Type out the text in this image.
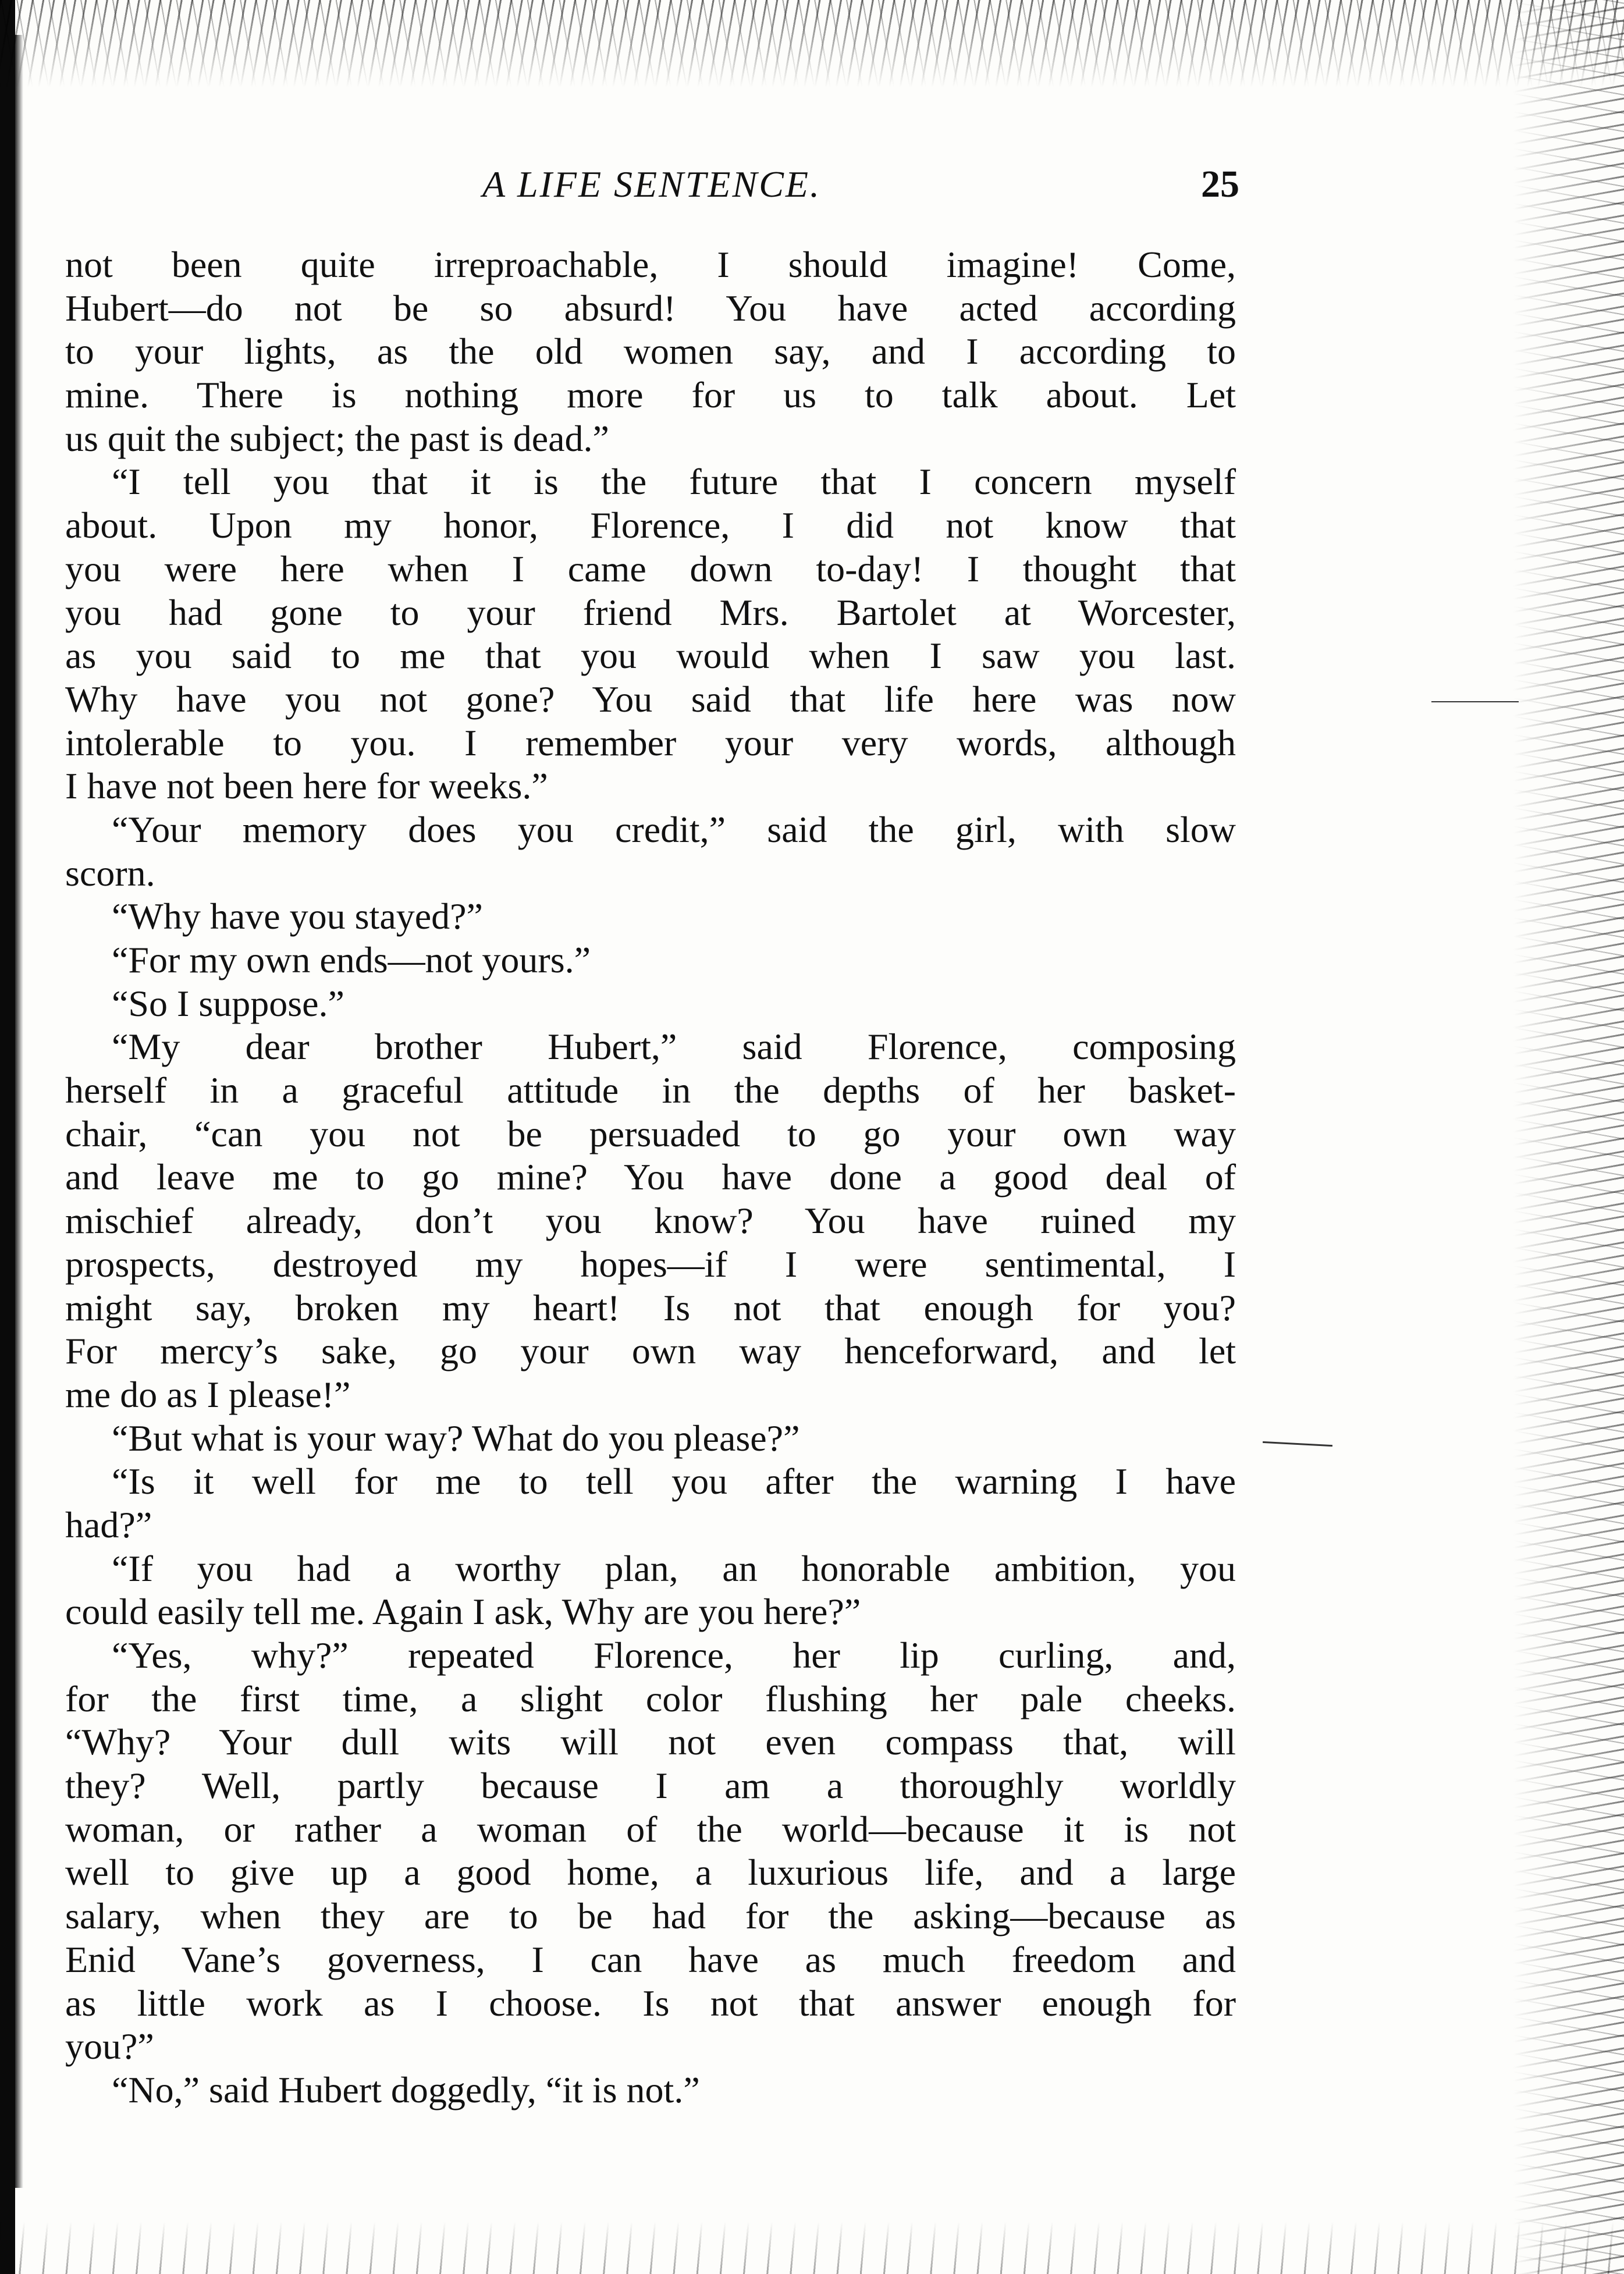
A LIFE SENTENCE.	25
not been quite irreproachable, I should imagine! Come,
Hubert—do not be so absurd! You have acted according
to your lights, as the old women say, and I according to
mine. There is nothing more for us to talk about. Let
us quit the subject; the past is dead.”
“I tell you that it is the future that I concern myself
about. Upon my honor, Florence, I did not know that
you were here when I came down to-day! I thought that
you had gone to your friend Mrs. Bartolet at Worcester,
as you said to me that you would when I saw you last.
Why have you not gone? You said that life here was now
intolerable to you. I remember your very words, although
I have not been here for weeks.”
“Your memory does you credit,” said the girl, with slow
scorn.
“Why have you stayed?”
“For my own ends—not yours.”
“So I suppose.”
“My dear brother Hubert,” said Florence, composing
herself in a graceful attitude in the depths of her basket-
chair, “can you not be persuaded to go your own way
and leave me to go mine? You have done a good deal of
mischief already, don’t you know? You have ruined my
prospects, destroyed my hopes—if I were sentimental, I
might say, broken my heart! Is not that enough for you?
For mercy’s sake, go your own way henceforward, and let
me do as I please!”
“But what is your way? What do you please?”
“Is it well for me to tell you after the warning I have
had?”
“If you had a worthy plan, an honorable ambition, you
could easily tell me. Again I ask, Why are you here?”
“Yes, why?” repeated Florence, her lip curling, and,
for the first time, a slight color flushing her pale cheeks.
“Why? Your dull wits will not even compass that, will
they? Well, partly because I am a thoroughly worldly
woman, or rather a woman of the world—because it is not
well to give up a good home, a luxurious life, and a large
salary, when they are to be had for the asking—because as
Enid Vane’s governess, I can have as much freedom and
as little work as I choose. Is not that answer enough for
you?”
“No,” said Hubert doggedly, “it is not.”
